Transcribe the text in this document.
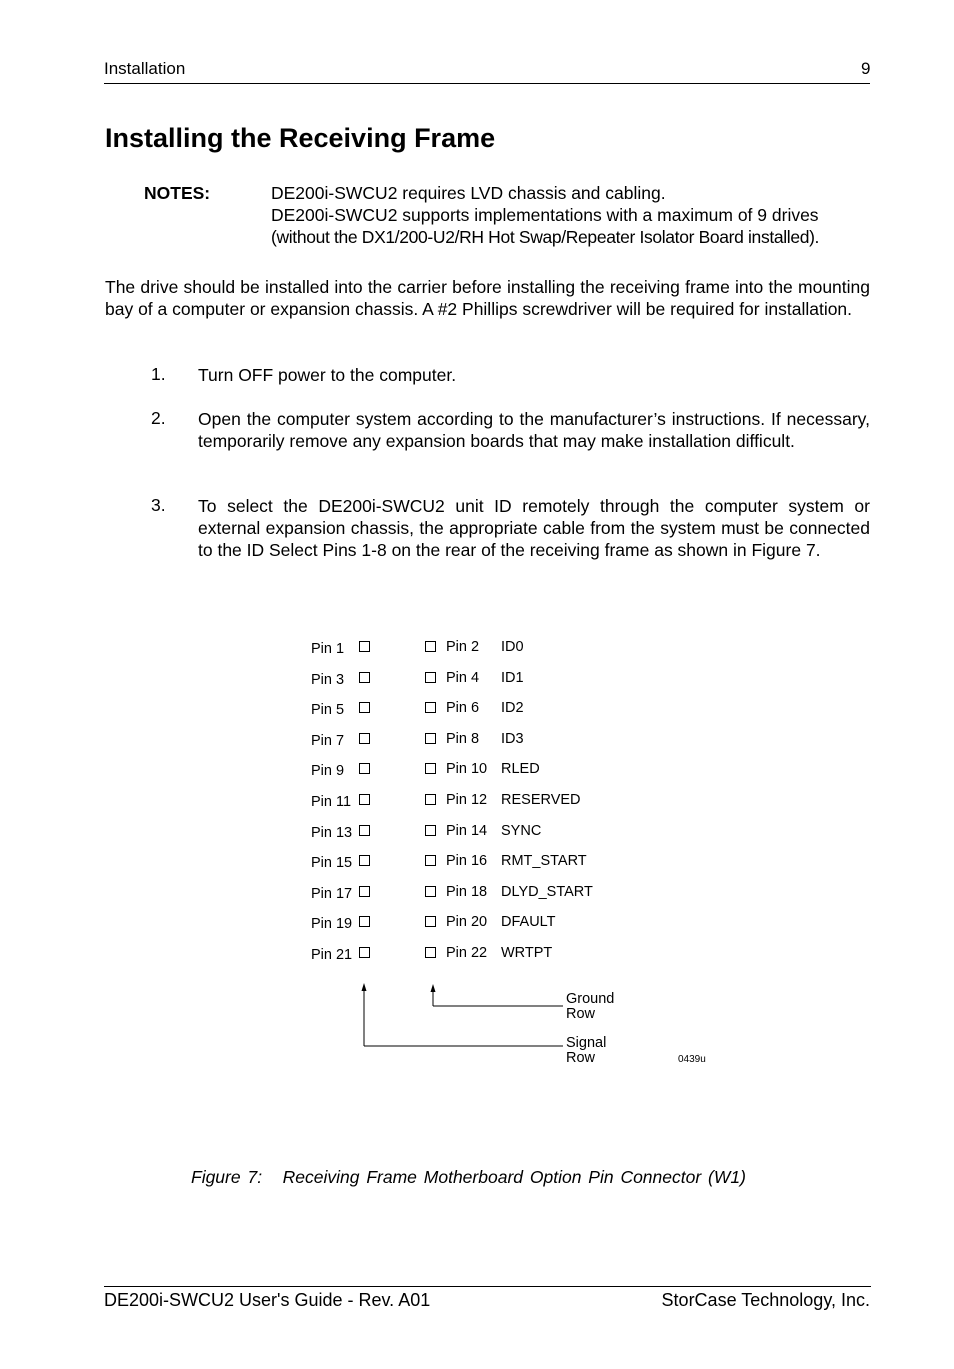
Installation	9
Installing the Receiving Frame
NOTES:	DE200i-SWCU2 requires LVD chassis and cabling.
DE200i-SWCU2 supports implementations with a maximum of 9 drives
(without the DX1/200-U2/RH Hot Swap/Repeater Isolator Board installed).
The drive should be installed into the carrier before installing the receiving frame into the mounting bay of a computer or expansion chassis. A #2 Phillips screwdriver will be required for installation.
1. Turn OFF power to the computer.
2. Open the computer system according to the manufacturer’s instructions. If necessary, temporarily remove any expansion boards that may make installation difficult.
3. To select the DE200i-SWCU2 unit ID remotely through the computer system or external expansion chassis, the appropriate cable from the system must be connected to the ID Select Pins 1-8 on the rear of the receiving frame as shown in Figure 7.
Pin 1	Pin 2 ID0
Pin 3	Pin 4 ID1
Pin 5	Pin 6 ID2
Pin 7	Pin 8 ID3
Pin 9	Pin 10 RLED
Pin 11	Pin 12 RESERVED
Pin 13	Pin 14 SYNC
Pin 15	Pin 16 RMT_START
Pin 17	Pin 18 DLYD_START
Pin 19	Pin 20 DFAULT
Pin 21	Pin 22 WRTPT
Ground
Row
Signal
Row	0439u
Figure 7:   Receiving Frame Motherboard Option Pin Connector (W1)
DE200i-SWCU2 User's Guide - Rev. A01	StorCase Technology, Inc.
